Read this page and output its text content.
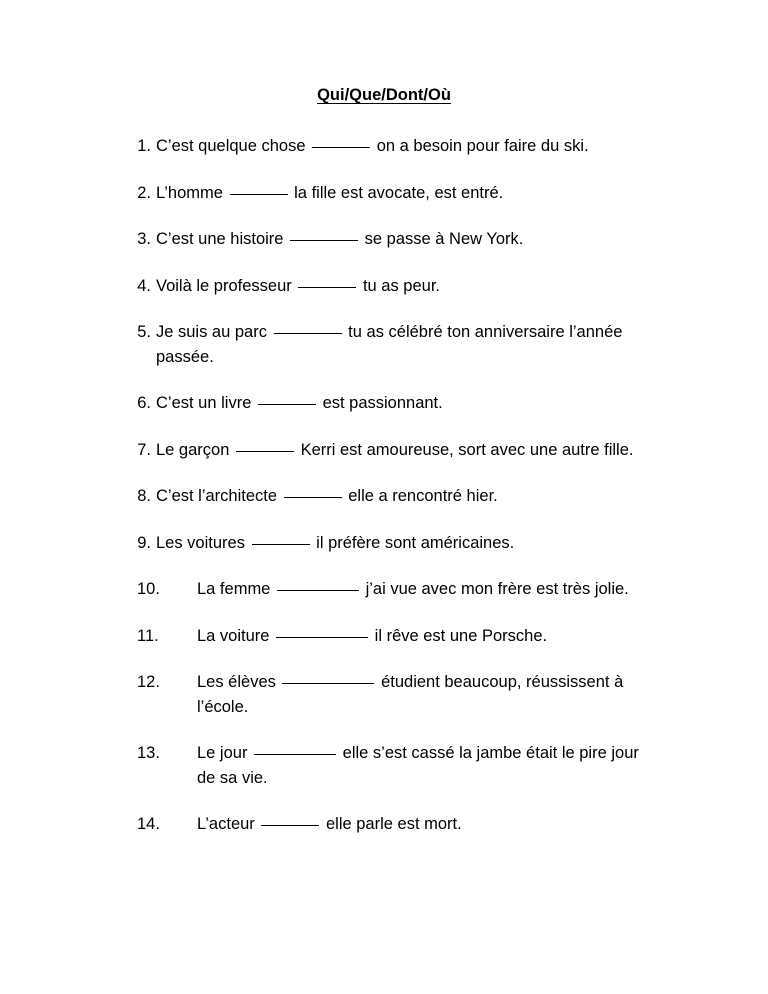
Qui/Que/Dont/Où
1. C’est quelque chose	on a besoin pour faire du ski.
2. L’homme	la fille est avocate, est entré.
3. C’est une histoire	se passe à New York.
4. Voilà le professeur	tu as peur.
5. Je suis au parc	tu as célébré ton anniversaire l’année passée.
6. C’est un livre	est passionnant.
7. Le garçon	Kerri est amoureuse, sort avec une autre fille.
8. C’est l’architecte	elle a rencontré hier.
9. Les voitures	il préfère sont américaines.
10. La femme	j’ai vue avec mon frère est très jolie.
11. La voiture	il rêve est une Porsche.
12. Les élèves	étudient beaucoup, réussissent à l’école.
13. Le jour	elle s’est cassé la jambe était le pire jour de sa vie.
14. L’acteur	elle parle est mort.
